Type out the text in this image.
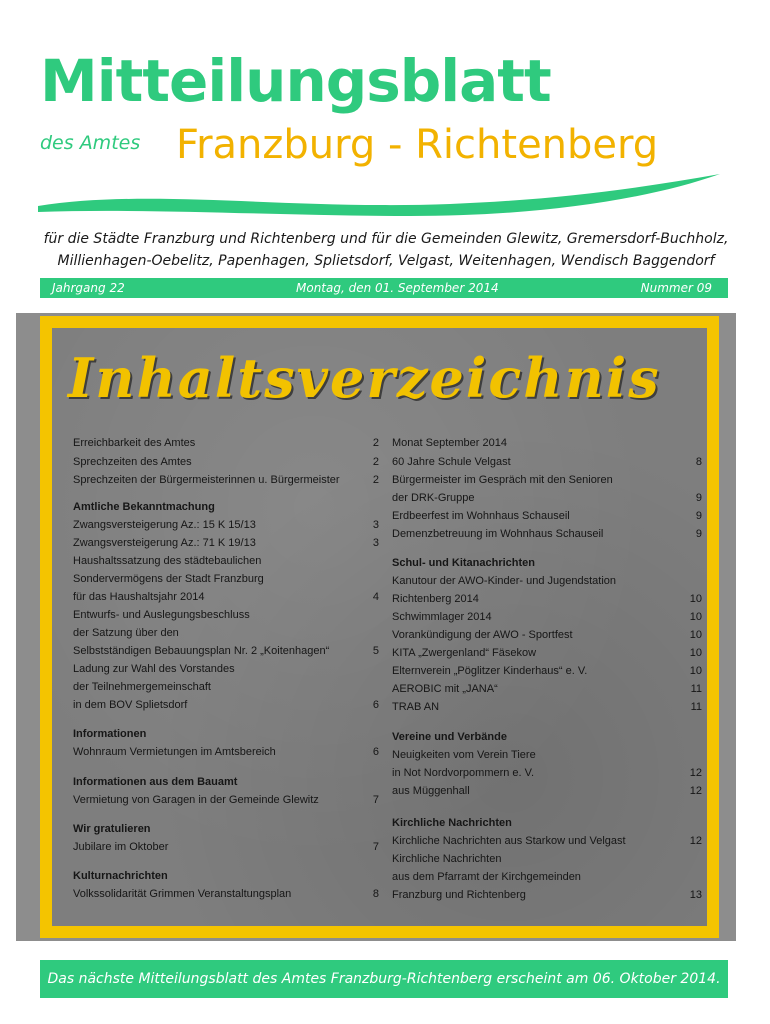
Mitteilungsblatt
des Amtes Franzburg - Richtenberg
für die Städte Franzburg und Richtenberg und für die Gemeinden Glewitz, Gremersdorf-Buchholz,
Millienhagen-Oebelitz, Papenhagen, Splietsdorf, Velgast, Weitenhagen, Wendisch Baggendorf
Jahrgang 22	Montag, den 01. September 2014	Nummer 09
Inhaltsverzeichnis
Erreichbarkeit des Amtes	2
Sprechzeiten des Amtes	2
Sprechzeiten der Bürgermeisterinnen u. Bürgermeister	2
Amtliche Bekanntmachung
Zwangsversteigerung Az.: 15 K 15/13	3
Zwangsversteigerung Az.: 71 K 19/13	3
Haushaltssatzung des städtebaulichen
Sondervermögens der Stadt Franzburg
für das Haushaltsjahr 2014	4
Entwurfs- und Auslegungsbeschluss
der Satzung über den
Selbstständigen Bebauungsplan Nr. 2 „Koitenhagen“	5
Ladung zur Wahl des Vorstandes
der Teilnehmergemeinschaft
in dem BOV Splietsdorf	6
Informationen
Wohnraum Vermietungen im Amtsbereich	6
Informationen aus dem Bauamt
Vermietung von Garagen in der Gemeinde Glewitz	7
Wir gratulieren
Jubilare im Oktober	7
Kulturnachrichten
Volkssolidarität Grimmen Veranstaltungsplan	8
Monat September 2014
60 Jahre Schule Velgast	8
Bürgermeister im Gespräch mit den Senioren
der DRK-Gruppe	9
Erdbeerfest im Wohnhaus Schauseil	9
Demenzbetreuung im Wohnhaus Schauseil	9
Schul- und Kitanachrichten
Kanutour der AWO-Kinder- und Jugendstation
Richtenberg 2014	10
Schwimmlager 2014	10
Vorankündigung der AWO - Sportfest	10
KITA „Zwergenland“ Fäsekow	10
Elternverein „Pöglitzer Kinderhaus“ e. V.	10
AEROBIC mit „JANA“	11
TRAB AN	11
Vereine und Verbände
Neuigkeiten vom Verein Tiere
in Not Nordvorpommern e. V.	12
aus Müggenhall	12
Kirchliche Nachrichten
Kirchliche Nachrichten aus Starkow und Velgast	12
Kirchliche Nachrichten
aus dem Pfarramt der Kirchgemeinden
Franzburg und Richtenberg	13
Das nächste Mitteilungsblatt des Amtes Franzburg-Richtenberg erscheint am 06. Oktober 2014.
